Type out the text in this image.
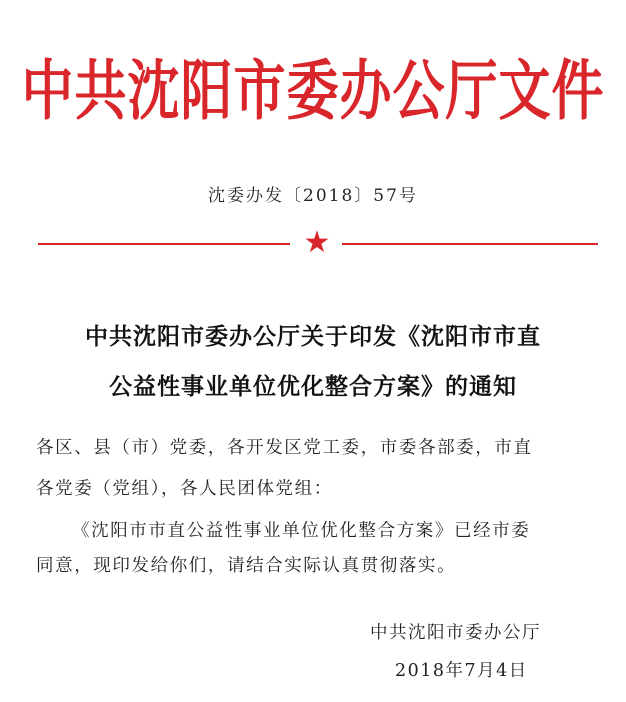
中共沈阳市委办公厅文件
沈委办发〔2018〕57号
★
中共沈阳市委办公厅关于印发《沈阳市市直
公益性事业单位优化整合方案》的通知
各区、县（市）党委，各开发区党工委，市委各部委，市直
各党委（党组），各人民团体党组：
《沈阳市市直公益性事业单位优化整合方案》已经市委
同意，现印发给你们，请结合实际认真贯彻落实。
中共沈阳市委办公厅
2018年7月4日
